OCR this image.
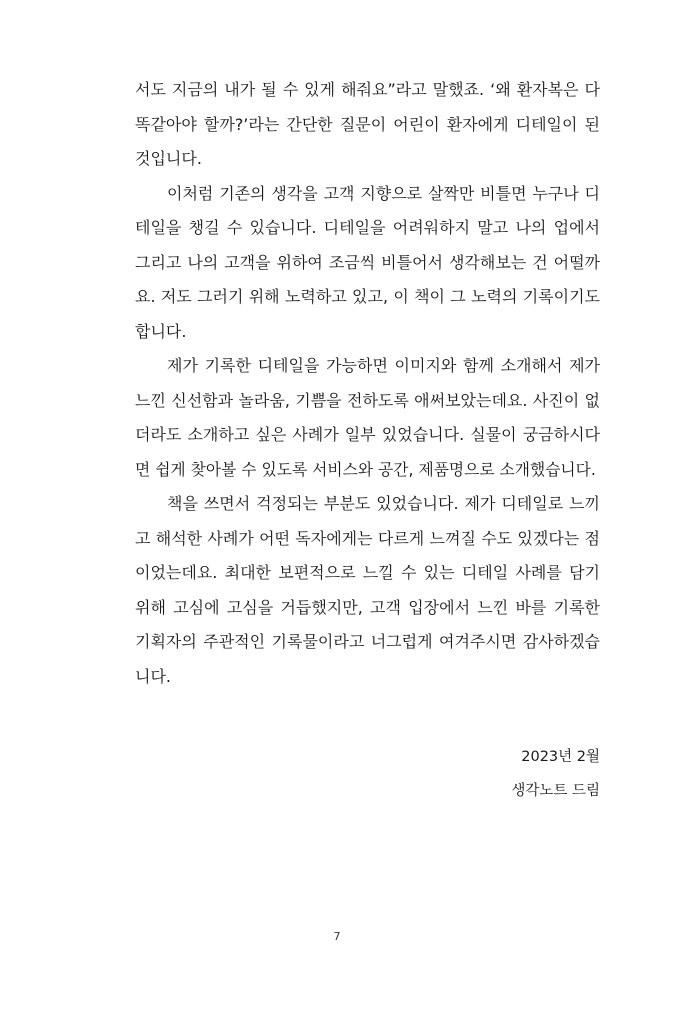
서도 지금의 내가 될 수 있게 해줘요”라고 말했죠. ‘왜 환자복은 다
똑같아야 할까?’라는 간단한 질문이 어린이 환자에게 디테일이 된
것입니다.
이처럼 기존의 생각을 고객 지향으로 살짝만 비틀면 누구나 디
테일을 챙길 수 있습니다. 디테일을 어려워하지 말고 나의 업에서
그리고 나의 고객을 위하여 조금씩 비틀어서 생각해보는 건 어떨까
요. 저도 그러기 위해 노력하고 있고, 이 책이 그 노력의 기록이기도
합니다.
제가 기록한 디테일을 가능하면 이미지와 함께 소개해서 제가
느낀 신선함과 놀라움, 기쁨을 전하도록 애써보았는데요. 사진이 없
더라도 소개하고 싶은 사례가 일부 있었습니다. 실물이 궁금하시다
면 쉽게 찾아볼 수 있도록 서비스와 공간, 제품명으로 소개했습니다.
책을 쓰면서 걱정되는 부분도 있었습니다. 제가 디테일로 느끼
고 해석한 사례가 어떤 독자에게는 다르게 느껴질 수도 있겠다는 점
이었는데요. 최대한 보편적으로 느낄 수 있는 디테일 사례를 담기
위해 고심에 고심을 거듭했지만, 고객 입장에서 느낀 바를 기록한
기획자의 주관적인 기록물이라고 너그럽게 여겨주시면 감사하겠습
니다.
2023년 2월
생각노트 드림
7
